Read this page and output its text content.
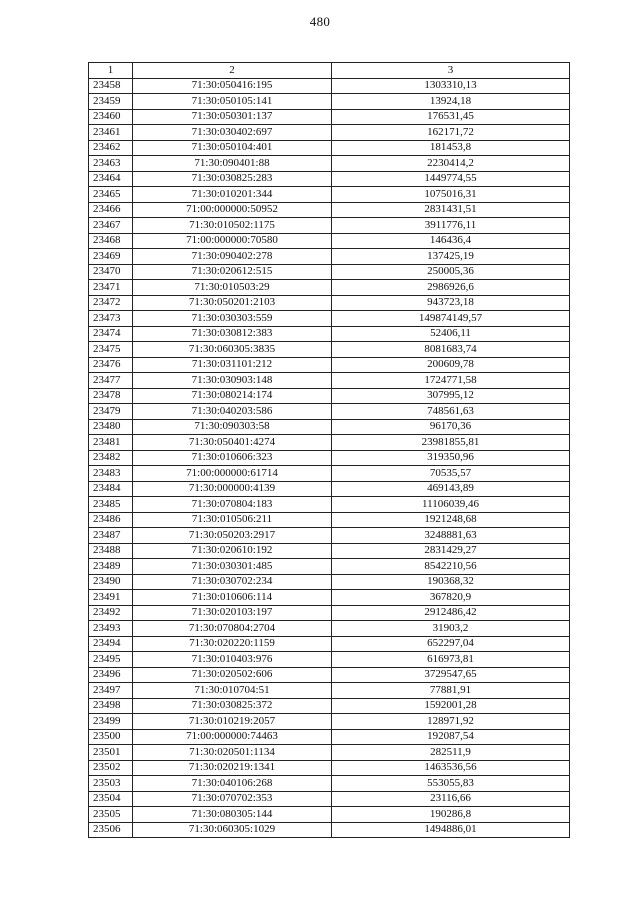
480
1	2	3
23458	71:30:050416:195	1303310,13
23459	71:30:050105:141	13924,18
23460	71:30:050301:137	176531,45
23461	71:30:030402:697	162171,72
23462	71:30:050104:401	181453,8
23463	71:30:090401:88	2230414,2
23464	71:30:030825:283	1449774,55
23465	71:30:010201:344	1075016,31
23466	71:00:000000:50952	2831431,51
23467	71:30:010502:1175	3911776,11
23468	71:00:000000:70580	146436,4
23469	71:30:090402:278	137425,19
23470	71:30:020612:515	250005,36
23471	71:30:010503:29	2986926,6
23472	71:30:050201:2103	943723,18
23473	71:30:030303:559	149874149,57
23474	71:30:030812:383	52406,11
23475	71:30:060305:3835	8081683,74
23476	71:30:031101:212	200609,78
23477	71:30:030903:148	1724771,58
23478	71:30:080214:174	307995,12
23479	71:30:040203:586	748561,63
23480	71:30:090303:58	96170,36
23481	71:30:050401:4274	23981855,81
23482	71:30:010606:323	319350,96
23483	71:00:000000:61714	70535,57
23484	71:30:000000:4139	469143,89
23485	71:30:070804:183	11106039,46
23486	71:30:010506:211	1921248,68
23487	71:30:050203:2917	3248881,63
23488	71:30:020610:192	2831429,27
23489	71:30:030301:485	8542210,56
23490	71:30:030702:234	190368,32
23491	71:30:010606:114	367820,9
23492	71:30:020103:197	2912486,42
23493	71:30:070804:2704	31903,2
23494	71:30:020220:1159	652297,04
23495	71:30:010403:976	616973,81
23496	71:30:020502:606	3729547,65
23497	71:30:010704:51	77881,91
23498	71:30:030825:372	1592001,28
23499	71:30:010219:2057	128971,92
23500	71:00:000000:74463	192087,54
23501	71:30:020501:1134	282511,9
23502	71:30:020219:1341	1463536,56
23503	71:30:040106:268	553055,83
23504	71:30:070702:353	23116,66
23505	71:30:080305:144	190286,8
23506	71:30:060305:1029	1494886,01
